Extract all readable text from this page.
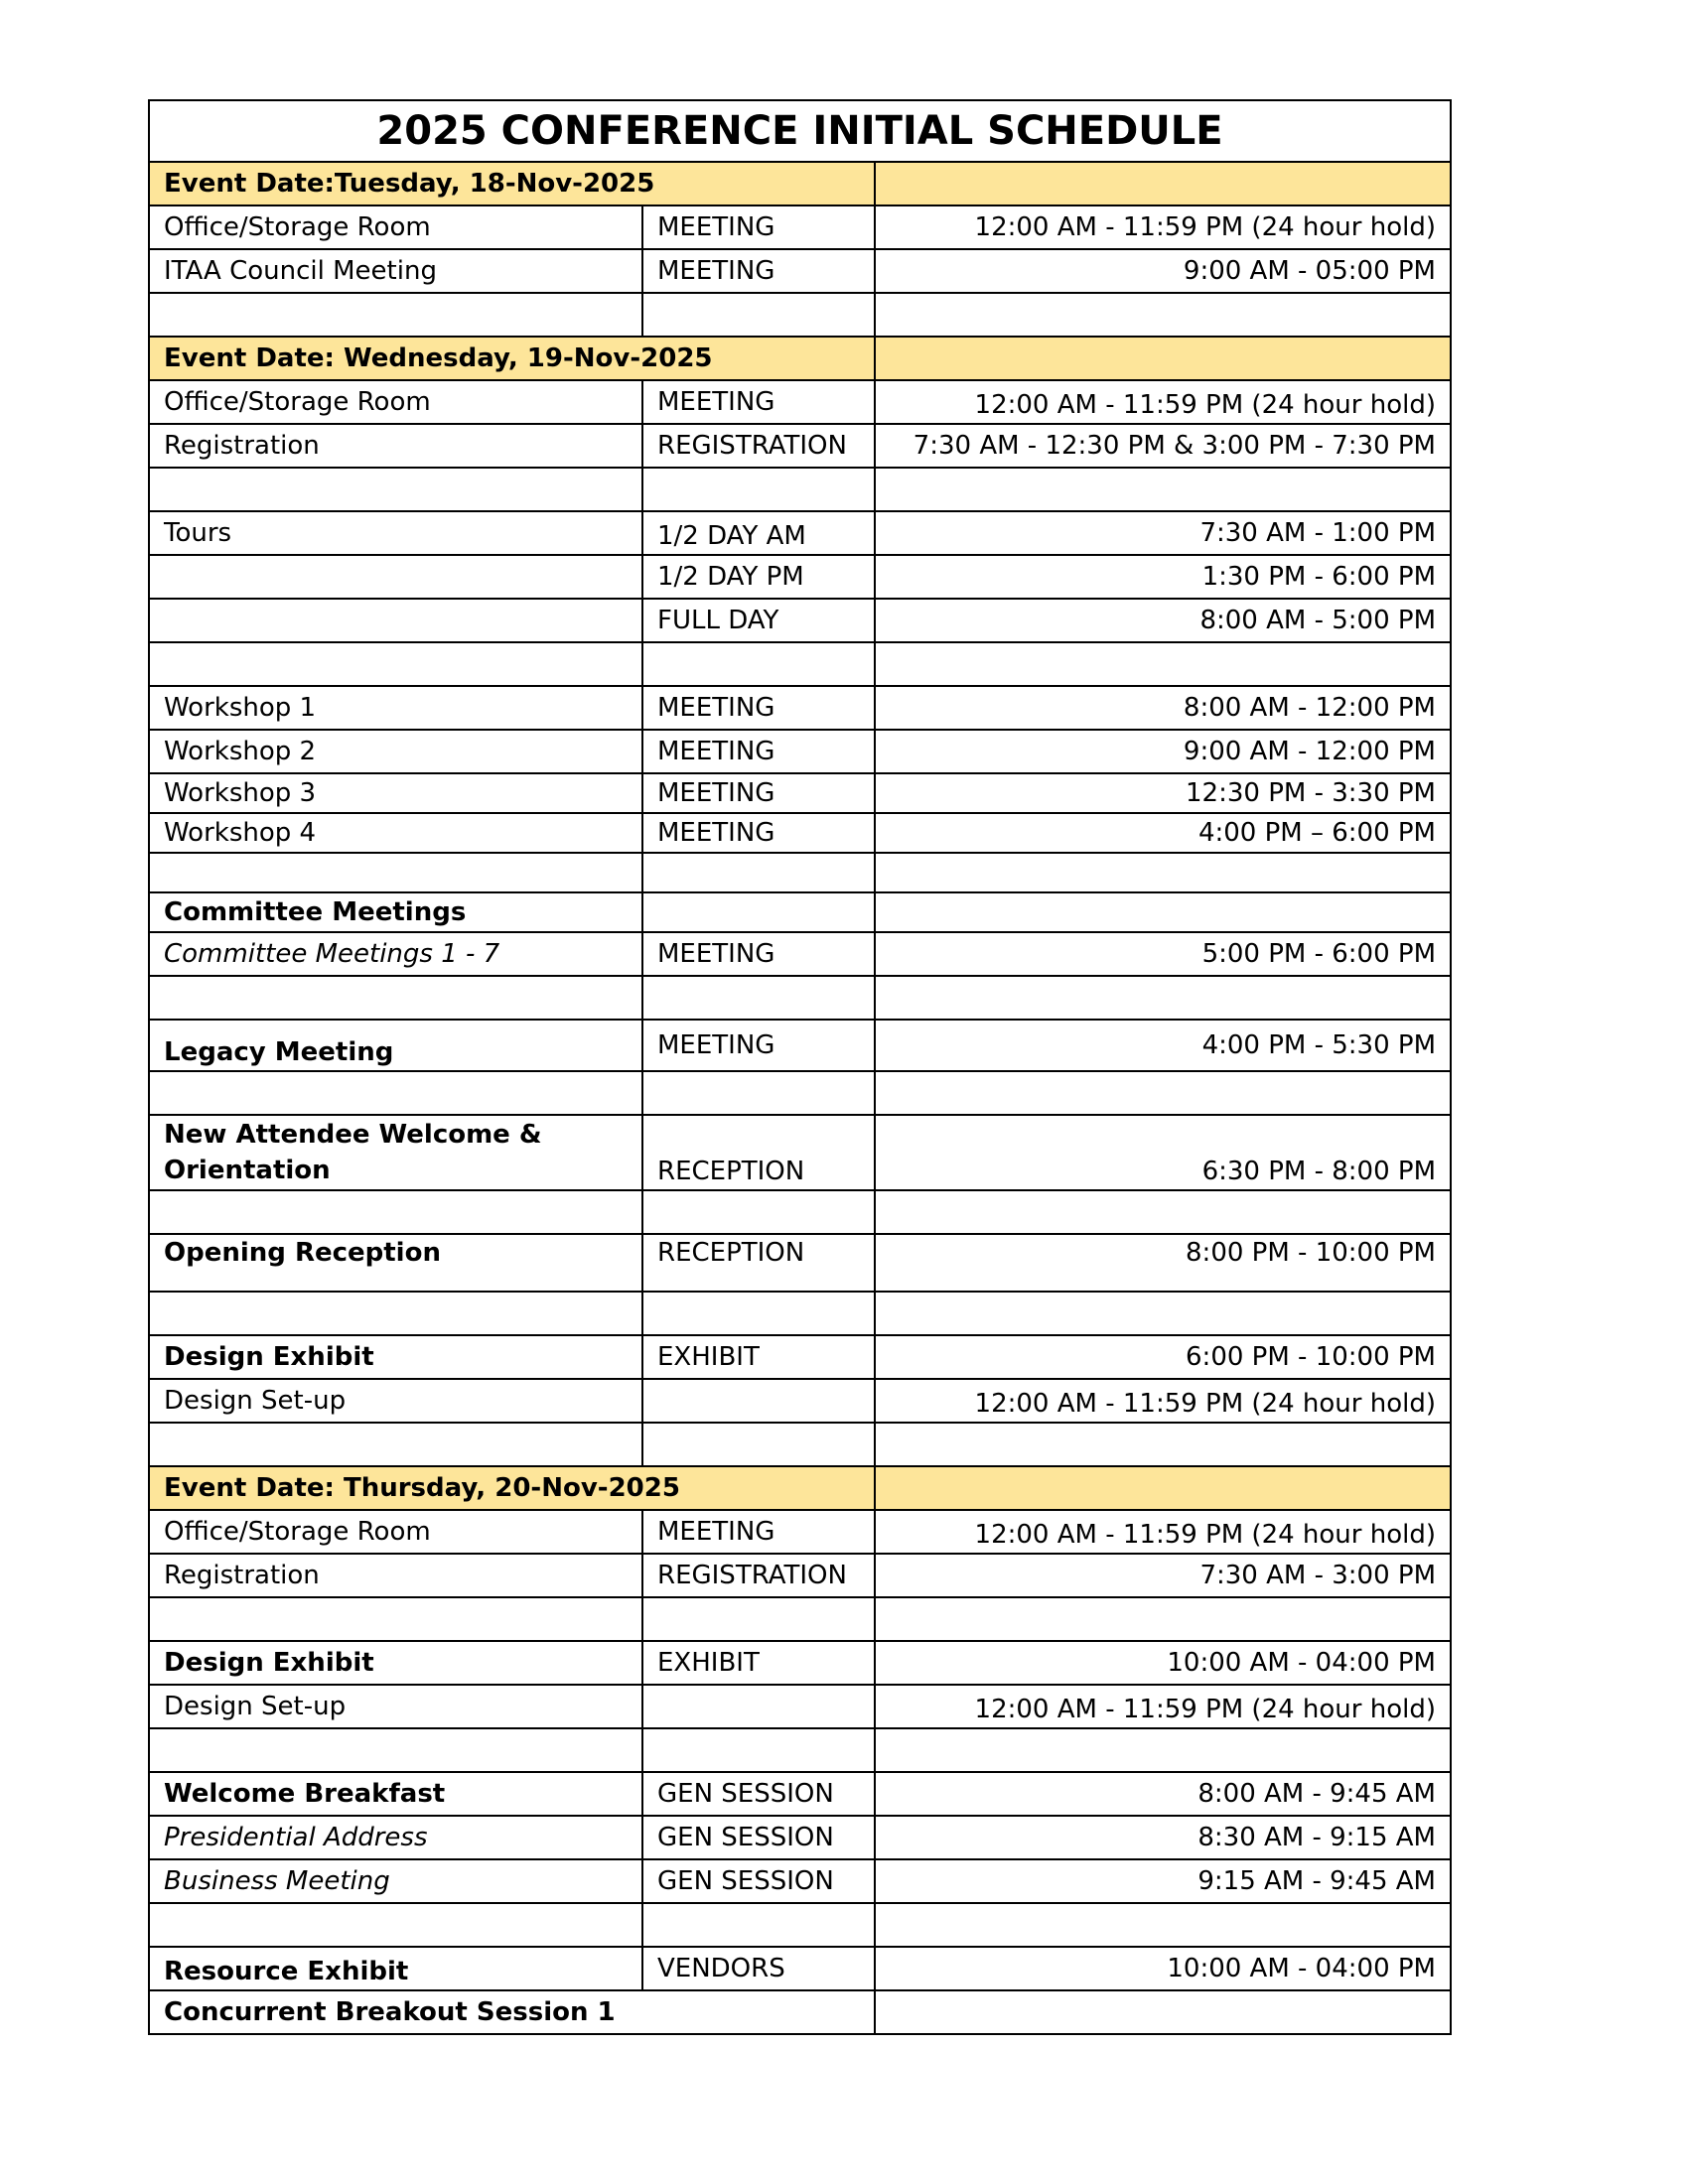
2025 CONFERENCE INITIAL SCHEDULE		
Event Date:Tuesday, 18-Nov-2025		
Office/Storage Room	MEETING	12:00 AM - 11:59 PM (24 hour hold)
ITAA Council Meeting	MEETING	9:00 AM - 05:00 PM

Event Date: Wednesday, 19-Nov-2025		
Office/Storage Room	MEETING	12:00 AM - 11:59 PM (24 hour hold)
Registration	REGISTRATION	7:30 AM - 12:30 PM & 3:00 PM - 7:30 PM

Tours	1/2 DAY AM	7:30 AM - 1:00 PM
	1/2 DAY PM	1:30 PM - 6:00 PM
	FULL DAY	8:00 AM - 5:00 PM

Workshop 1	MEETING	8:00 AM - 12:00 PM
Workshop 2	MEETING	9:00 AM - 12:00 PM
Workshop 3	MEETING	12:30 PM - 3:30 PM
Workshop 4	MEETING	4:00 PM – 6:00 PM

Committee Meetings		
Committee Meetings 1 - 7	MEETING	5:00 PM - 6:00 PM

Legacy Meeting	MEETING	4:00 PM - 5:30 PM

New Attendee Welcome & Orientation	RECEPTION	6:30 PM - 8:00 PM

Opening Reception	RECEPTION	8:00 PM - 10:00 PM

Design Exhibit	EXHIBIT	6:00 PM - 10:00 PM
Design Set-up		12:00 AM - 11:59 PM (24 hour hold)

Event Date: Thursday, 20-Nov-2025		
Office/Storage Room	MEETING	12:00 AM - 11:59 PM (24 hour hold)
Registration	REGISTRATION	7:30 AM - 3:00 PM

Design Exhibit	EXHIBIT	10:00 AM - 04:00 PM
Design Set-up		12:00 AM - 11:59 PM (24 hour hold)

Welcome Breakfast	GEN SESSION	8:00 AM - 9:45 AM
Presidential Address	GEN SESSION	8:30 AM - 9:15 AM
Business Meeting	GEN SESSION	9:15 AM - 9:45 AM

Resource Exhibit	VENDORS	10:00 AM - 04:00 PM
Concurrent Breakout Session 1		
